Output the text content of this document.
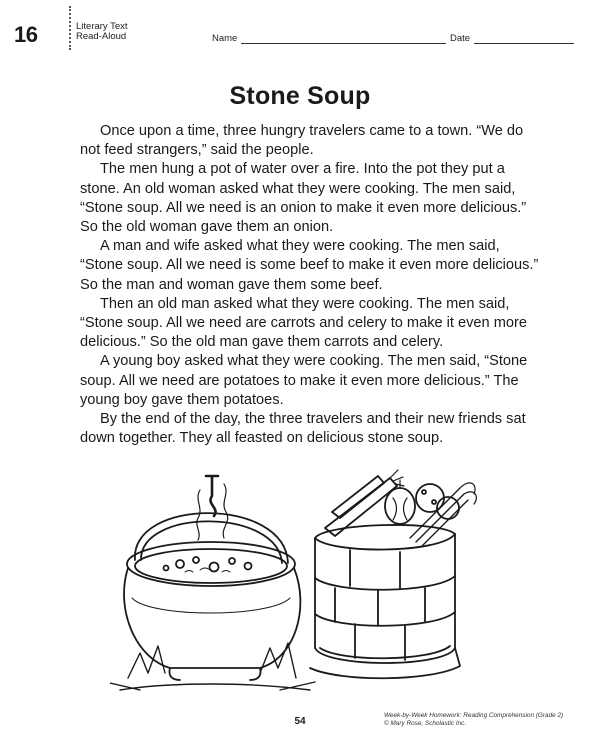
16	Literary Text
Read-Aloud	Name	Date
Stone Soup

Once upon a time, three hungry travelers came to a town. “We do not feed strangers,” said the people.

The men hung a pot of water over a fire. Into the pot they put a stone. An old woman asked what they were cooking. The men said, “Stone soup. All we need is an onion to make it even more delicious.” So the old woman gave them an onion.

A man and wife asked what they were cooking. The men said, “Stone soup. All we need is some beef to make it even more delicious.” So the man and woman gave them some beef.

Then an old man asked what they were cooking. The men said, “Stone soup. All we need are carrots and celery to make it even more delicious.” So the old man gave them carrots and celery.

A young boy asked what they were cooking. The men said, “Stone soup. All we need are potatoes to make it even more delicious.” The young boy gave them potatoes.

By the end of the day, the three travelers and their new friends sat down together. They all feasted on delicious stone soup.

54
Week-by-Week Homework: Reading Comprehension (Grade 2)
© Mary Rose, Scholastic Inc.
